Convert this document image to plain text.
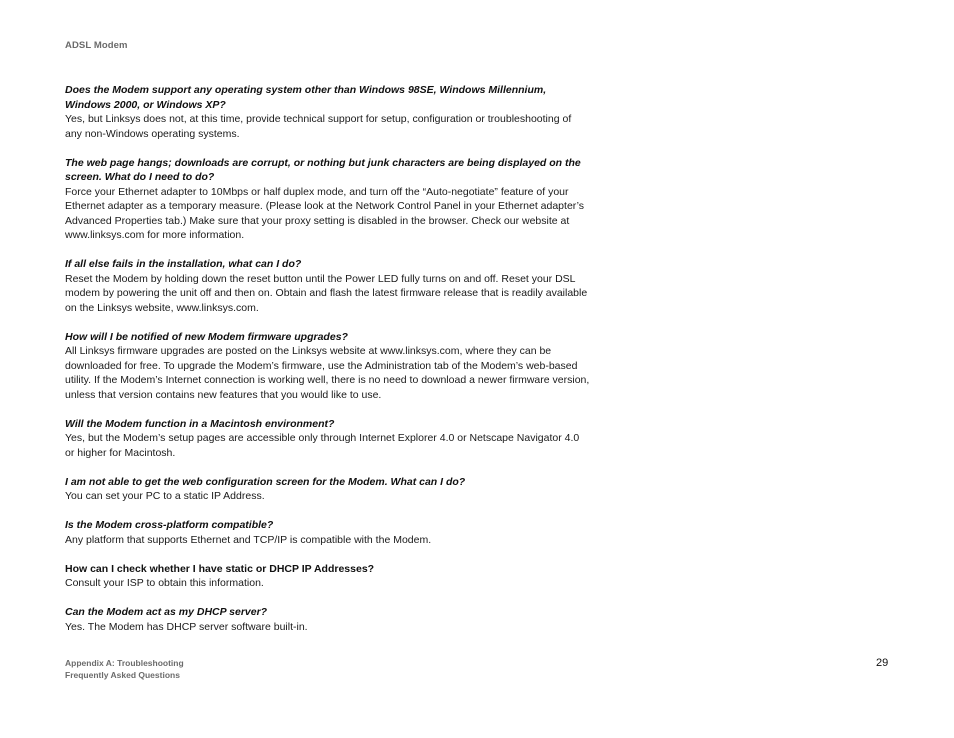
ADSL Modem
Does the Modem support any operating system other than Windows 98SE, Windows Millennium, Windows 2000, or Windows XP?
Yes, but Linksys does not, at this time, provide technical support for setup, configuration or troubleshooting of any non-Windows operating systems.
The web page hangs; downloads are corrupt, or nothing but junk characters are being displayed on the screen. What do I need to do?
Force your Ethernet adapter to 10Mbps or half duplex mode, and turn off the “Auto-negotiate” feature of your Ethernet adapter as a temporary measure. (Please look at the Network Control Panel in your Ethernet adapter’s Advanced Properties tab.) Make sure that your proxy setting is disabled in the browser. Check our website at www.linksys.com for more information.
If all else fails in the installation, what can I do?
Reset the Modem by holding down the reset button until the Power LED fully turns on and off. Reset your DSL modem by powering the unit off and then on. Obtain and flash the latest firmware release that is readily available on the Linksys website, www.linksys.com.
How will I be notified of new Modem firmware upgrades?
All Linksys firmware upgrades are posted on the Linksys website at www.linksys.com, where they can be downloaded for free. To upgrade the Modem’s firmware, use the Administration tab of the Modem’s web-based utility. If the Modem’s Internet connection is working well, there is no need to download a newer firmware version, unless that version contains new features that you would like to use.
Will the Modem function in a Macintosh environment?
Yes, but the Modem’s setup pages are accessible only through Internet Explorer 4.0 or Netscape Navigator 4.0 or higher for Macintosh.
I am not able to get the web configuration screen for the Modem. What can I do?
You can set your PC to a static IP Address.
Is the Modem cross-platform compatible?
Any platform that supports Ethernet and TCP/IP is compatible with the Modem.
How can I check whether I have static or DHCP IP Addresses?
Consult your ISP to obtain this information.
Can the Modem act as my DHCP server?
Yes. The Modem has DHCP server software built-in.
Appendix A: Troubleshooting
Frequently Asked Questions
29
